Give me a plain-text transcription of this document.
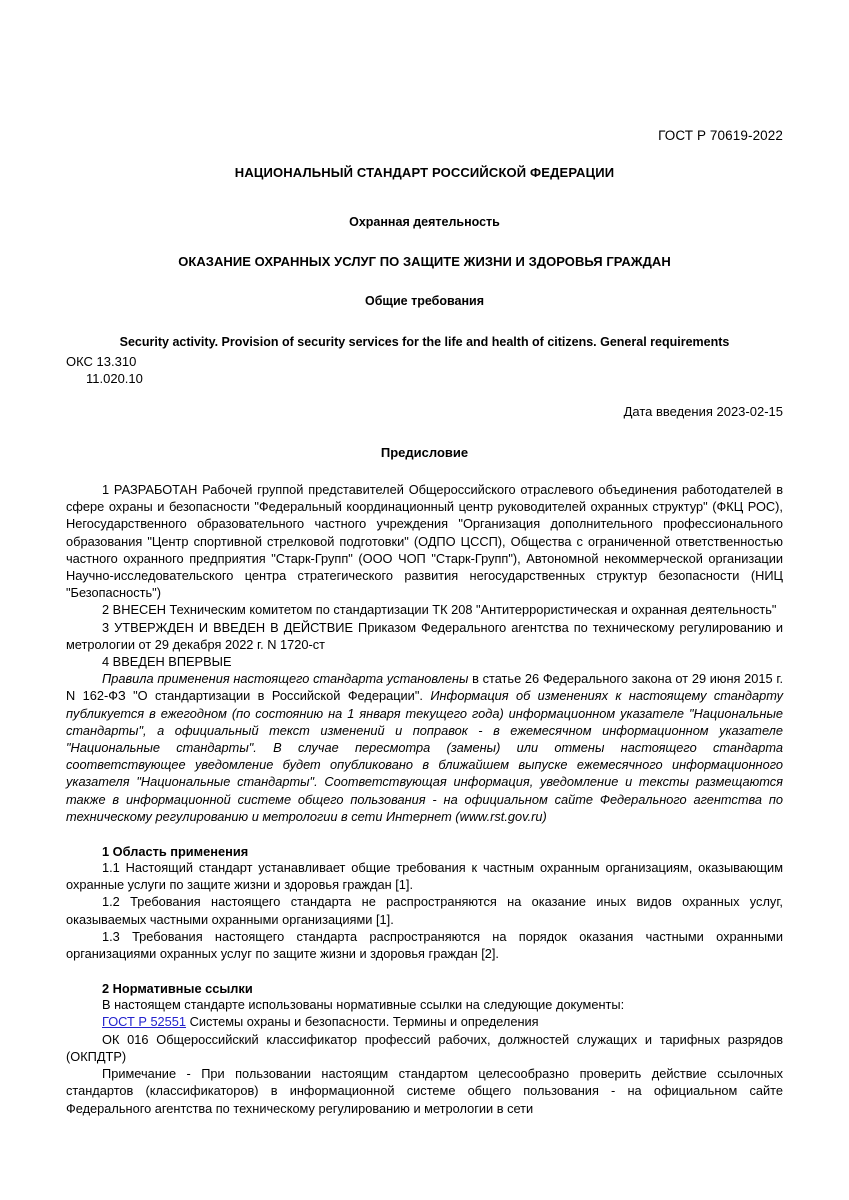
ГОСТ Р 70619-2022
НАЦИОНАЛЬНЫЙ СТАНДАРТ РОССИЙСКОЙ ФЕДЕРАЦИИ
Охранная деятельность
ОКАЗАНИЕ ОХРАННЫХ УСЛУГ ПО ЗАЩИТЕ ЖИЗНИ И ЗДОРОВЬЯ ГРАЖДАН
Общие требования
Security activity. Provision of security services for the life and health of citizens. General requirements
ОКС 13.310
11.020.10
Дата введения 2023-02-15
Предисловие

1 РАЗРАБОТАН Рабочей группой представителей Общероссийского отраслевого объединения работодателей в сфере охраны и безопасности "Федеральный координационный центр руководителей охранных структур" (ФКЦ РОС), Негосударственного образовательного частного учреждения "Организация дополнительного профессионального образования "Центр спортивной стрелковой подготовки" (ОДПО ЦССП), Общества с ограниченной ответственностью частного охранного предприятия "Старк-Групп" (ООО ЧОП "Старк-Групп"), Автономной некоммерческой организации Научно-исследовательского центра стратегического развития негосударственных структур безопасности (НИЦ "Безопасность")

2 ВНЕСЕН Техническим комитетом по стандартизации ТК 208 "Антитеррористическая и охранная деятельность"

3 УТВЕРЖДЕН И ВВЕДЕН В ДЕЙСТВИЕ Приказом Федерального агентства по техническому регулированию и метрологии от 29 декабря 2022 г. N 1720-ст

4 ВВЕДЕН ВПЕРВЫЕ

Правила применения настоящего стандарта установлены в статье 26 Федерального закона от 29 июня 2015 г. N 162-ФЗ "О стандартизации в Российской Федерации". Информация об изменениях к настоящему стандарту публикуется в ежегодном (по состоянию на 1 января текущего года) информационном указателе "Национальные стандарты", а официальный текст изменений и поправок - в ежемесячном информационном указателе "Национальные стандарты". В случае пересмотра (замены) или отмены настоящего стандарта соответствующее уведомление будет опубликовано в ближайшем выпуске ежемесячного информационного указателя "Национальные стандарты". Соответствующая информация, уведомление и тексты размещаются также в информационной системе общего пользования - на официальном сайте Федерального агентства по техническому регулированию и метрологии в сети Интернет (www.rst.gov.ru)

1 Область применения

1.1 Настоящий стандарт устанавливает общие требования к частным охранным организациям, оказывающим охранные услуги по защите жизни и здоровья граждан [1].

1.2 Требования настоящего стандарта не распространяются на оказание иных видов охранных услуг, оказываемых частными охранными организациями [1].

1.3 Требования настоящего стандарта распространяются на порядок оказания частными охранными организациями охранных услуг по защите жизни и здоровья граждан [2].

2 Нормативные ссылки

В настоящем стандарте использованы нормативные ссылки на следующие документы:

ГОСТ Р 52551 Системы охраны и безопасности. Термины и определения

ОК 016 Общероссийский классификатор профессий рабочих, должностей служащих и тарифных разрядов (ОКПДТР)

Примечание - При пользовании настоящим стандартом целесообразно проверить действие ссылочных стандартов (классификаторов) в информационной системе общего пользования - на официальном сайте Федерального агентства по техническому регулированию и метрологии в сети
